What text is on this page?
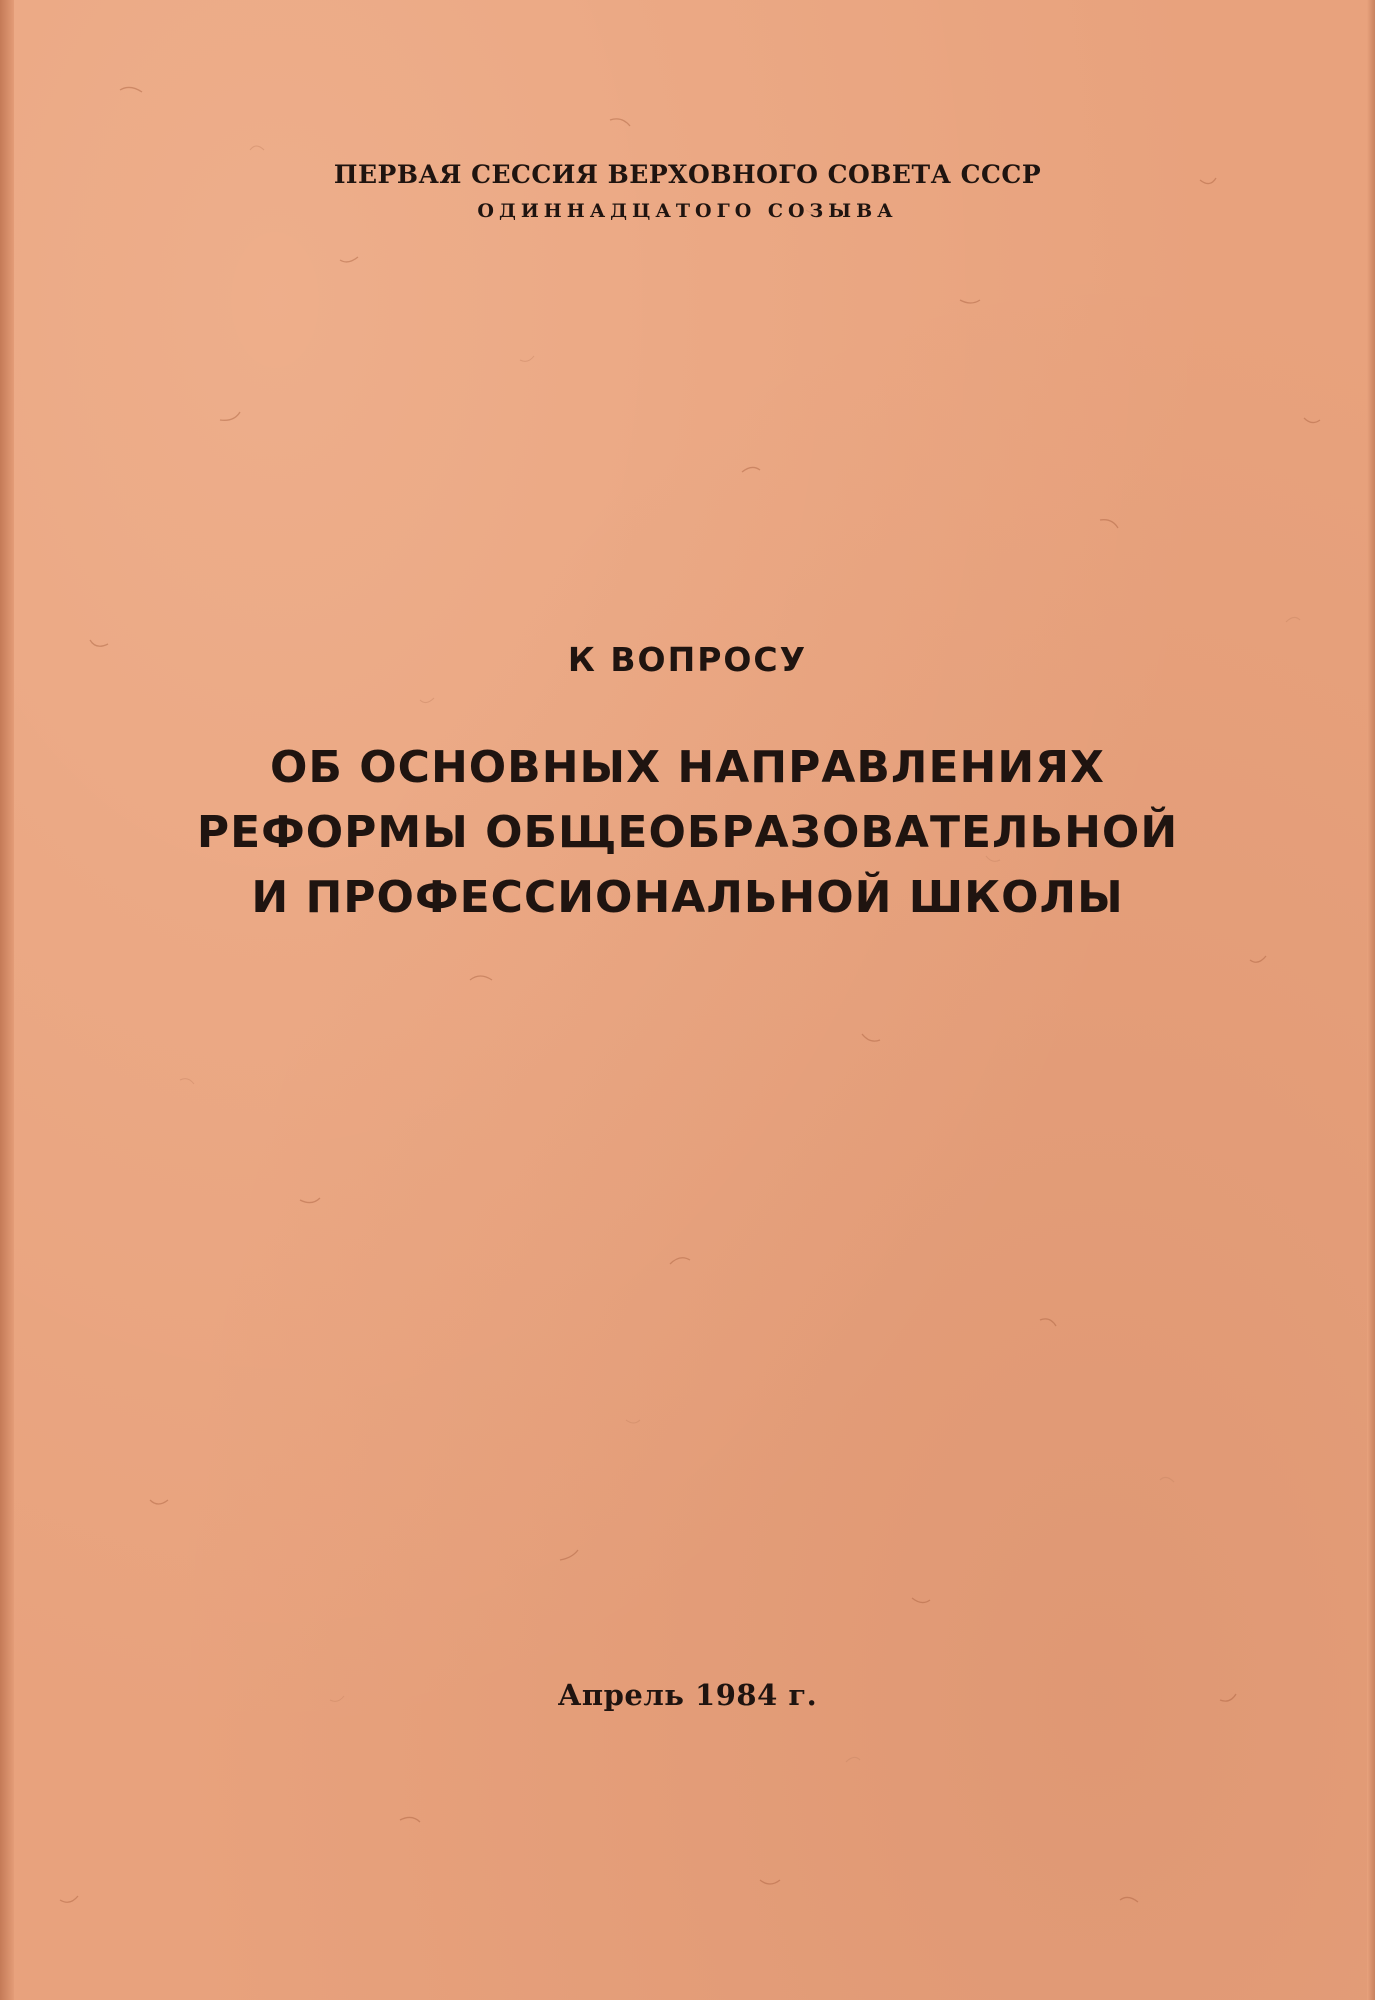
ПЕРВАЯ СЕССИЯ ВЕРХОВНОГО СОВЕТА СССР
ОДИННАДЦАТОГО СОЗЫВА
К ВОПРОСУ
ОБ ОСНОВНЫХ НАПРАВЛЕНИЯХ
РЕФОРМЫ ОБЩЕОБРАЗОВАТЕЛЬНОЙ
И ПРОФЕССИОНАЛЬНОЙ ШКОЛЫ
Апрель 1984 г.
